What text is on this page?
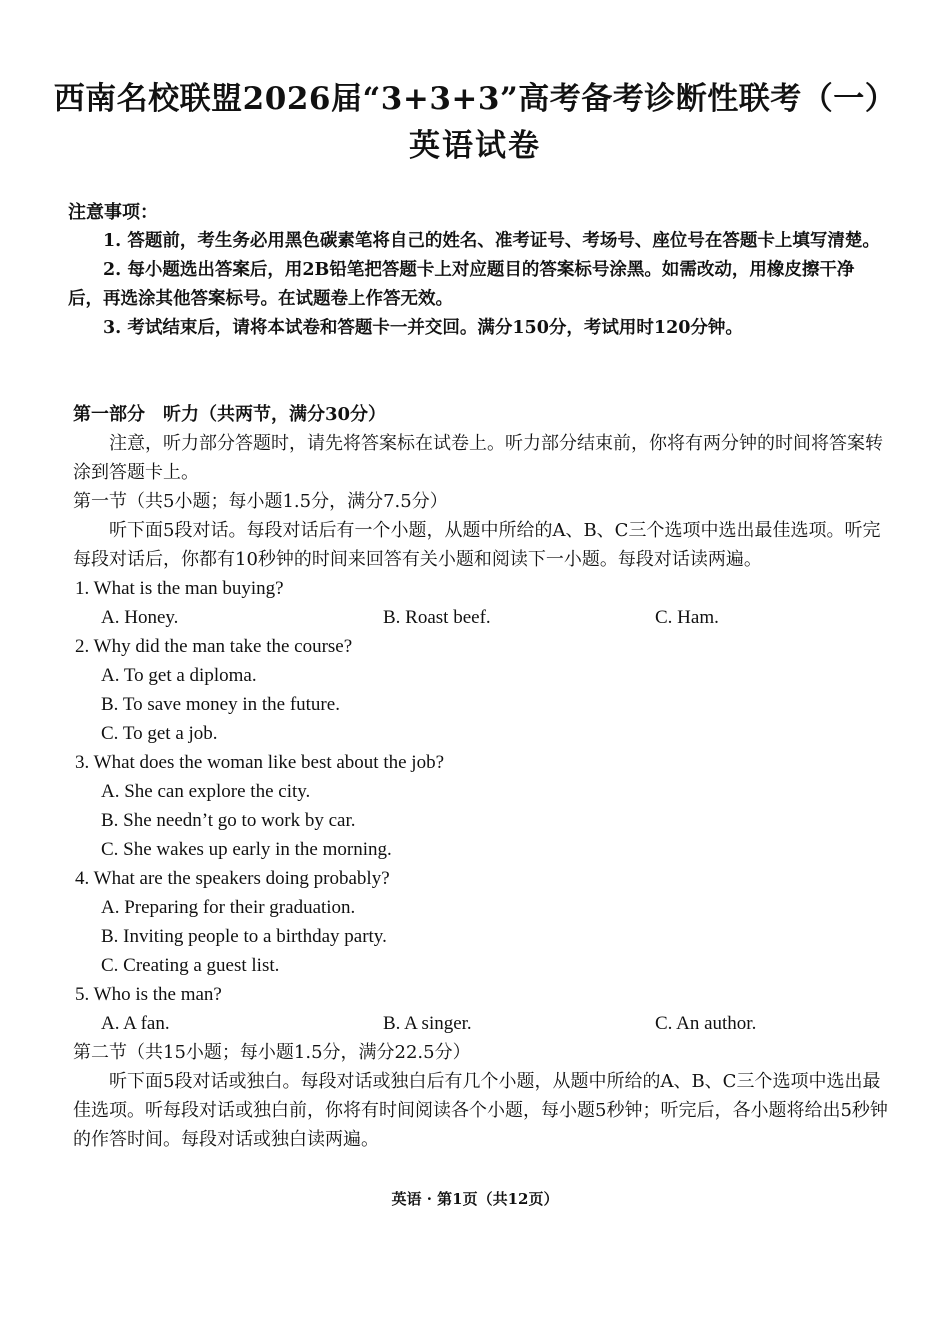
西南名校联盟2026届“3+3+3”高考备考诊断性联考（一）
英语试卷
注意事项：
1. 答题前，考生务必用黑色碳素笔将自己的姓名、准考证号、考场号、座位号在答题卡上填写清楚。
2. 每小题选出答案后，用2B铅笔把答题卡上对应题目的答案标号涂黑。如需改动，用橡皮擦干净后，再选涂其他答案标号。在试题卷上作答无效。
3. 考试结束后，请将本试卷和答题卡一并交回。满分150分，考试用时120分钟。
第一部分　听力（共两节，满分30分）
注意，听力部分答题时，请先将答案标在试卷上。听力部分结束前，你将有两分钟的时间将答案转涂到答题卡上。
第一节（共5小题；每小题1.5分，满分7.5分）
听下面5段对话。每段对话后有一个小题，从题中所给的A、B、C三个选项中选出最佳选项。听完每段对话后，你都有10秒钟的时间来回答有关小题和阅读下一小题。每段对话读两遍。
1. What is the man buying?
A. Honey.	B. Roast beef.	C. Ham.
2. Why did the man take the course?
A. To get a diploma.
B. To save money in the future.
C. To get a job.
3. What does the woman like best about the job?
A. She can explore the city.
B. She needn’t go to work by car.
C. She wakes up early in the morning.
4. What are the speakers doing probably?
A. Preparing for their graduation.
B. Inviting people to a birthday party.
C. Creating a guest list.
5. Who is the man?
A. A fan.	B. A singer.	C. An author.
第二节（共15小题；每小题1.5分，满分22.5分）
听下面5段对话或独白。每段对话或独白后有几个小题，从题中所给的A、B、C三个选项中选出最佳选项。听每段对话或独白前，你将有时间阅读各个小题，每小题5秒钟；听完后，各小题将给出5秒钟的作答时间。每段对话或独白读两遍。
英语 · 第1页（共12页）
